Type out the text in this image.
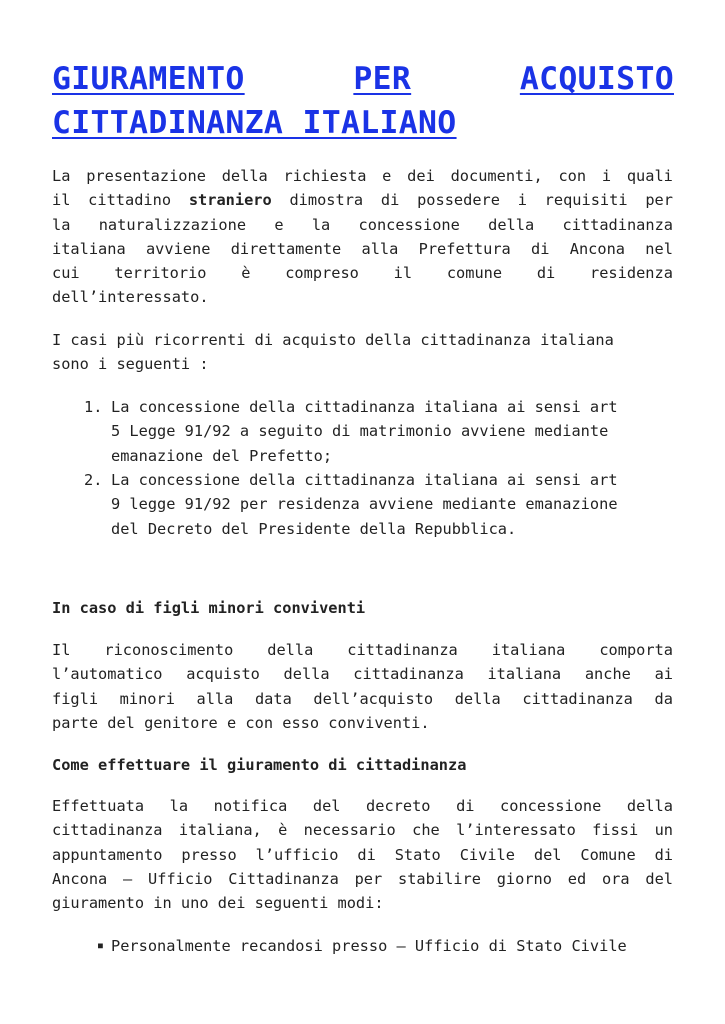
GIURAMENTO	PER	ACQUISTO
CITTADINANZA ITALIANO
La presentazione della richiesta e dei documenti, con i quali
il cittadino straniero dimostra di possedere i requisiti per
la naturalizzazione e la concessione della cittadinanza
italiana avviene direttamente alla Prefettura di Ancona nel
cui territorio è compreso il comune di residenza
dell’interessato.
I casi più ricorrenti di acquisto della cittadinanza italiana
sono i seguenti :
1. La concessione della cittadinanza italiana ai sensi art
5 Legge 91/92 a seguito di matrimonio avviene mediante
emanazione del Prefetto;
2. La concessione della cittadinanza italiana ai sensi art
9 legge 91/92 per residenza avviene mediante emanazione
del Decreto del Presidente della Repubblica.
In caso di figli minori conviventi
Il riconoscimento della cittadinanza italiana comporta
l’automatico acquisto della cittadinanza italiana anche ai
figli minori alla data dell’acquisto della cittadinanza da
parte del genitore e con esso conviventi.
Come effettuare il giuramento di cittadinanza
Effettuata la notifica del decreto di concessione della
cittadinanza italiana, è necessario che l’interessato fissi un
appuntamento presso l’ufficio di Stato Civile del Comune di
Ancona – Ufficio Cittadinanza per stabilire giorno ed ora del
giuramento in uno dei seguenti modi:
■ Personalmente recandosi presso – Ufficio di Stato Civile
